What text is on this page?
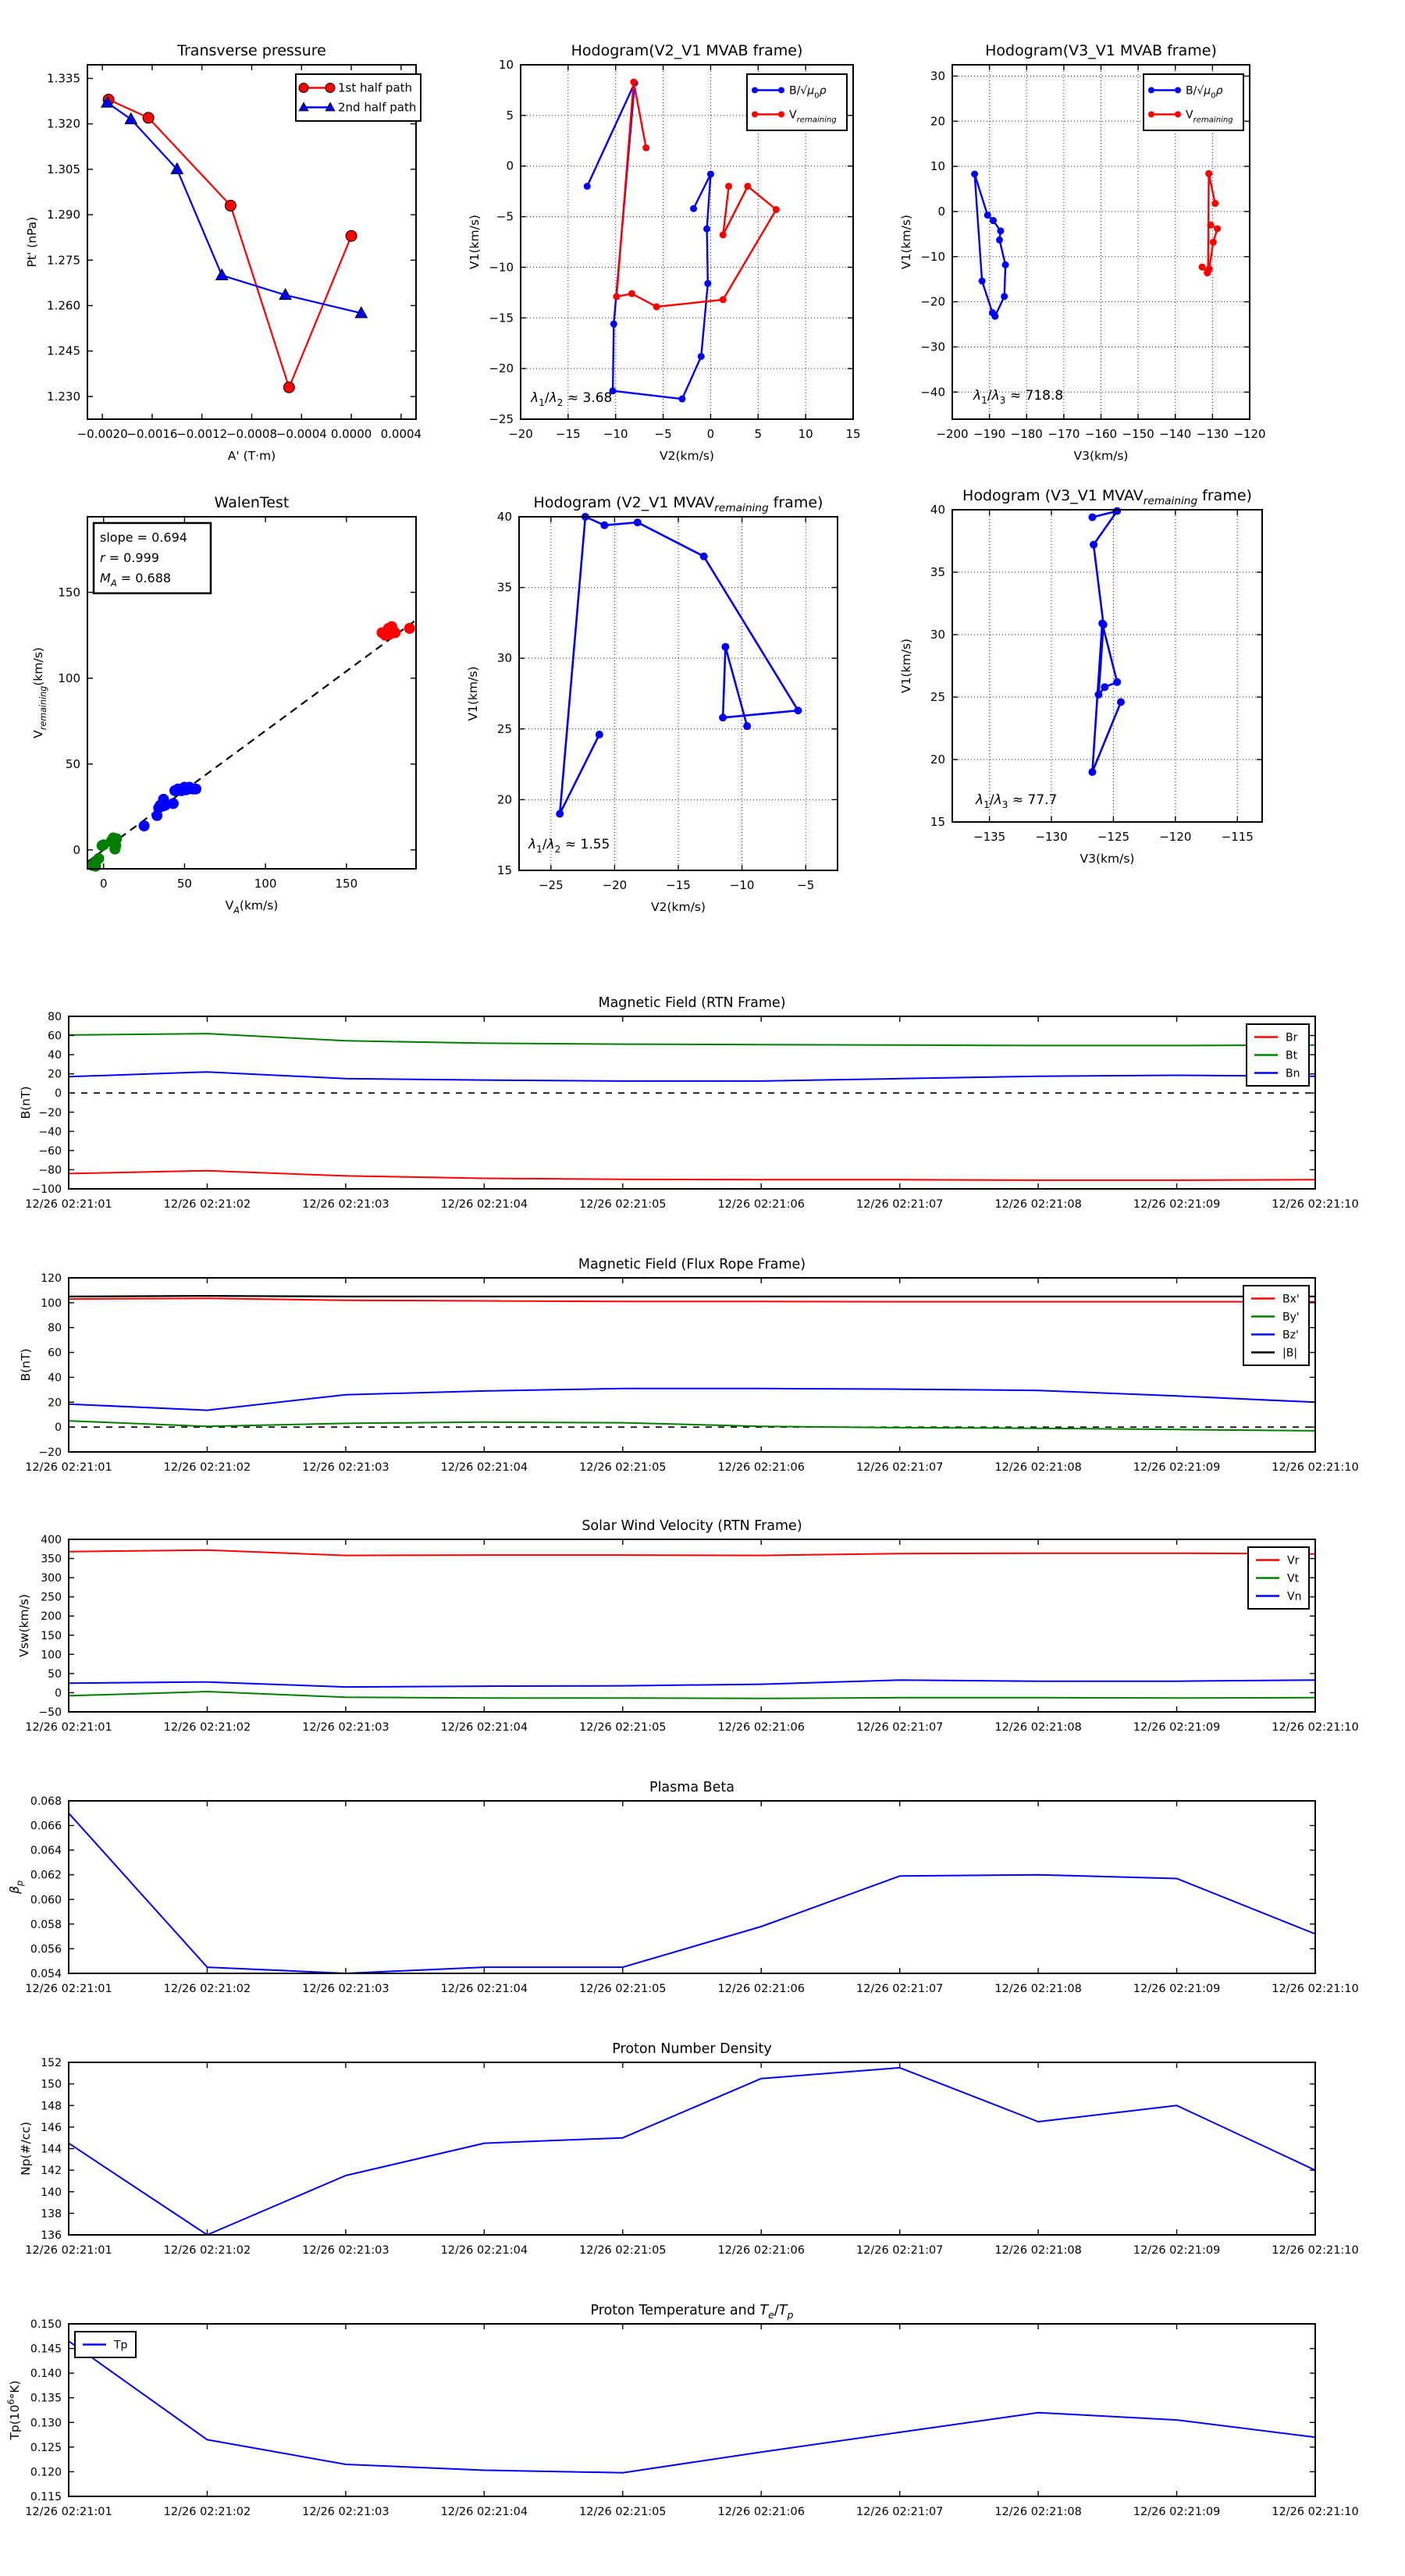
−0.0020
−0.0016
−0.0012
−0.0008
−0.0004 0.0000 0.0004
1.230
1.245
1.260
1.275
1.290
1.305
1.320
1.335
Transverse pressure
A' (T·m)
Pt' (nPa)
1st half path
2nd half path
−20 −15 −10 −5	0	5	10	15
−25
−20
−15
−10
−5
0
5
10
Hodogram(V2_V1 MVAB frame)
V2(km/s)
V1(km/s)
$B/√\mu_0\rho$
$V_{remaining}$
$\lambda_1/\lambda_2 \approx 3.68$
−200 −190 −180 −170 −160 −150 −140 −130 −120
−40
−30
−20
−10
0
10
20
30
Hodogram(V3_V1 MVAB frame)
V3(km/s)
V1(km/s)
$B/√\mu_0\rho$
$V_{remaining}$
$\lambda_1/\lambda_3 \approx 718.8$
0	50	100	150
0
50
100
150
WalenTest
$V_A(km/s)$
$V_{remaining}(km/s)$
slope = 0.694
r = 0.999
$M_A = 0.688$
−25	−20	−15	−10	−5
15
20
25
30
35
40
Hodogram (V2_V1 $MVAV_{remaining}$ frame)
V2(km/s)
V1(km/s)
$\lambda_1/\lambda_2 \approx 1.55$	−135	−130	−125	−120	−115
15
20
25
30
35
40
Hodogram (V3_V1 $MVAV_{remaining}$ frame)
V3(km/s)
V1(km/s)
$\lambda_1/\lambda_3 \approx 77.7$
12/26 02:21:01	12/26 02:21:02	12/26 02:21:03	12/26 02:21:04	12/26 02:21:05	12/26 02:21:06	12/26 02:21:07	12/26 02:21:08	12/26 02:21:09	12/26 02:21:10
80
60
40
20
0
−20
−40
−60
−80
−100
Magnetic Field (RTN Frame)
B(nT)
Br
Bt
Bn
12/26 02:21:01	12/26 02:21:02	12/26 02:21:03	12/26 02:21:04	12/26 02:21:05	12/26 02:21:06	12/26 02:21:07	12/26 02:21:08	12/26 02:21:09	12/26 02:21:10
120
100
80
60
40
20
0
−20
Magnetic Field (Flux Rope Frame)
B(nT)
Bx'
By'
Bz'
|B|
12/26 02:21:01	12/26 02:21:02	12/26 02:21:03	12/26 02:21:04	12/26 02:21:05	12/26 02:21:06	12/26 02:21:07	12/26 02:21:08	12/26 02:21:09	12/26 02:21:10
400
350
300
250
200
150
100
50
0
−50
Solar Wind Velocity (RTN Frame)
Vsw(km/s)
Vr
Vt
Vn
12/26 02:21:01	12/26 02:21:02	12/26 02:21:03	12/26 02:21:04	12/26 02:21:05	12/26 02:21:06	12/26 02:21:07	12/26 02:21:08	12/26 02:21:09	12/26 02:21:10
0.068
0.066
0.064
0.062
0.060
0.058
0.056
0.054
Plasma Beta
$\beta_p$
12/26 02:21:01	12/26 02:21:02	12/26 02:21:03	12/26 02:21:04	12/26 02:21:05	12/26 02:21:06	12/26 02:21:07	12/26 02:21:08	12/26 02:21:09	12/26 02:21:10
152
150
148
146
144
142
140
138
136
Proton Number Density
Np(#/cc)
12/26 02:21:01	12/26 02:21:02	12/26 02:21:03	12/26 02:21:04	12/26 02:21:05	12/26 02:21:06	12/26 02:21:07	12/26 02:21:08	12/26 02:21:09	12/26 02:21:10
0.150
0.145
0.140
0.135
0.130
0.125
0.120
0.115
Proton Temperature and $T_e/T_p$
$Tp(10^6^\circ K)$
Tp
